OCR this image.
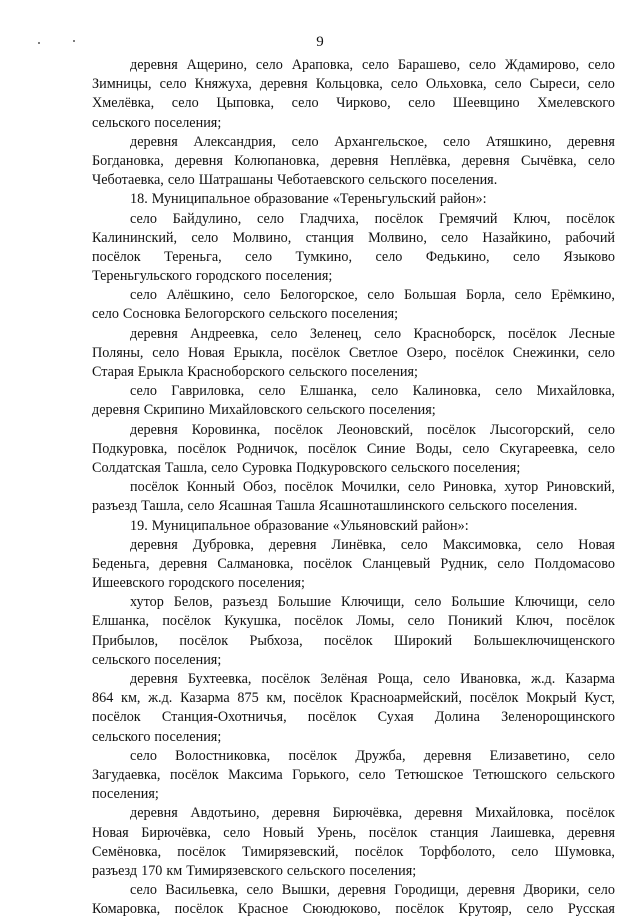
9
деревня Ащерино, село Араповка, село Барашево, село Ждамирово, село
Зимницы, село Княжуха, деревня Кольцовка, село Ольховка, село Сыреси, село
Хмелёвка, село Цыповка, село Чирково, село Шеевщино Хмелевского
сельского поселения;
деревня Александрия, село Архангельское, село Атяшкино, деревня
Богдановка, деревня Колюпановка, деревня Неплёвка, деревня Сычёвка, село
Чеботаевка, село Шатрашаны Чеботаевского сельского поселения.
18. Муниципальное образование «Тереньгульский район»:
село Байдулино, село Гладчиха, посёлок Гремячий Ключ, посёлок
Калининский, село Молвино, станция Молвино, село Назайкино, рабочий
посёлок Тереньга, село Тумкино, село Федькино, село Языково
Тереньгульского городского поселения;
село Алёшкино, село Белогорское, село Большая Борла, село Ерёмкино,
село Сосновка Белогорского сельского поселения;
деревня Андреевка, село Зеленец, село Красноборск, посёлок Лесные
Поляны, село Новая Ерыкла, посёлок Светлое Озеро, посёлок Снежинки, село
Старая Ерыкла Красноборского сельского поселения;
село Гавриловка, село Елшанка, село Калиновка, село Михайловка,
деревня Скрипино Михайловского сельского поселения;
деревня Коровинка, посёлок Леоновский, посёлок Лысогорский, село
Подкуровка, посёлок Родничок, посёлок Синие Воды, село Скугареевка, село
Солдатская Ташла, село Суровка Подкуровского сельского поселения;
посёлок Конный Обоз, посёлок Мочилки, село Риновка, хутор Риновский,
разъезд Ташла, село Ясашная Ташла Ясашноташлинского сельского поселения.
19. Муниципальное образование «Ульяновский район»:
деревня Дубровка, деревня Линёвка, село Максимовка, село Новая
Беденьга, деревня Салмановка, посёлок Сланцевый Рудник, село Полдомасово
Ишеевского городского поселения;
хутор Белов, разъезд Большие Ключищи, село Большие Ключищи, село
Елшанка, посёлок Кукушка, посёлок Ломы, село Поникий Ключ, посёлок
Прибылов, посёлок Рыбхоза, посёлок Широкий Большеключищенского
сельского поселения;
деревня Бухтеевка, посёлок Зелёная Роща, село Ивановка, ж.д. Казарма
864 км, ж.д. Казарма 875 км, посёлок Красноармейский, посёлок Мокрый Куст,
посёлок Станция-Охотничья, посёлок Сухая Долина Зеленорощинского
сельского поселения;
село Волостниковка, посёлок Дружба, деревня Елизаветино, село
Загудаевка, посёлок Максима Горького, село Тетюшское Тетюшского сельского
поселения;
деревня Авдотьино, деревня Бирючёвка, деревня Михайловка, посёлок
Новая Бирючёвка, село Новый Урень, посёлок станция Лаишевка, деревня
Семёновка, посёлок Тимирязевский, посёлок Торфболото, село Шумовка,
разъезд 170 км Тимирязевского сельского поселения;
село Васильевка, село Вышки, деревня Городищи, деревня Дворики, село
Комаровка, посёлок Красное Сююдюково, посёлок Крутояр, село Русская
